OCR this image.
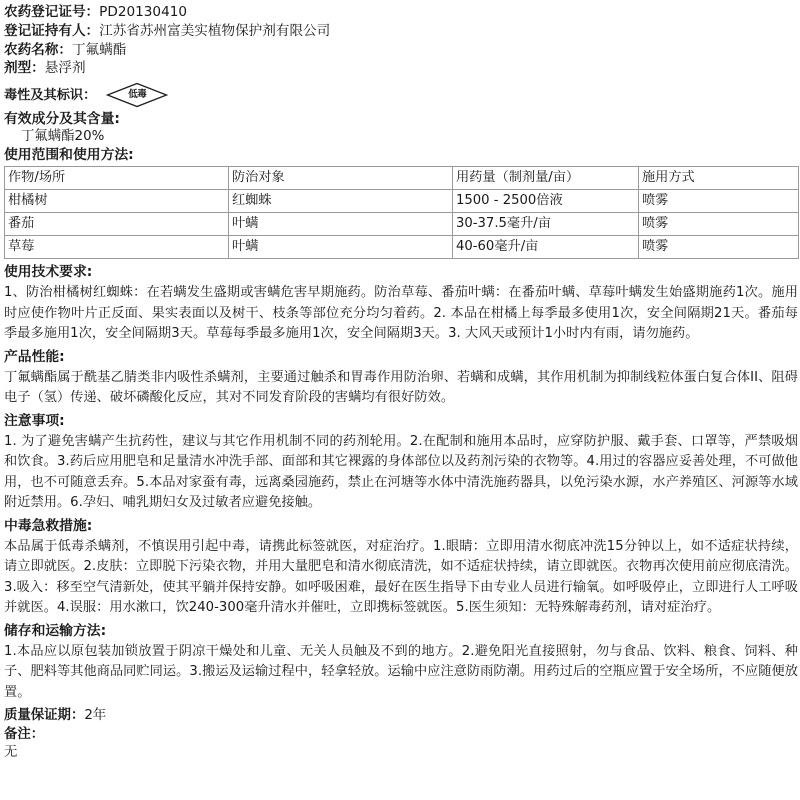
农药登记证号：PD20130410
登记证持有人：江苏省苏州富美实植物保护剂有限公司
农药名称：丁氟螨酯
剂型：悬浮剂
毒性及其标识：	低毒
有效成分及其含量:
丁氟螨酯20%
使用范围和使用方法:
作物/场所	防治对象	用药量（制剂量/亩）	施用方式
柑橘树	红蜘蛛	1500 - 2500倍液	喷雾
番茄	叶螨	30-37.5毫升/亩	喷雾
草莓	叶螨	40-60毫升/亩	喷雾
使用技术要求:
1、防治柑橘树红蜘蛛：在若螨发生盛期或害螨危害早期施药。防治草莓、番茄叶螨：在番茄叶螨、草莓叶螨发生始盛期施药1次。施用时应使作物叶片正反面、果实表面以及树干、枝条等部位充分均匀着药。2. 本品在柑橘上每季最多使用1次，安全间隔期21天。番茄每季最多施用1次，安全间隔期3天。草莓每季最多施用1次，安全间隔期3天。3. 大风天或预计1小时内有雨，请勿施药。
产品性能:
丁氟螨酯属于酰基乙腈类非内吸性杀螨剂，主要通过触杀和胃毒作用防治卵、若螨和成螨，其作用机制为抑制线粒体蛋白复合体II、阻碍电子（氢）传递、破坏磷酸化反应，其对不同发育阶段的害螨均有很好防效。
注意事项:
1. 为了避免害螨产生抗药性，建议与其它作用机制不同的药剂轮用。2.在配制和施用本品时，应穿防护服、戴手套、口罩等，严禁吸烟和饮食。3.药后应用肥皂和足量清水冲洗手部、面部和其它裸露的身体部位以及药剂污染的衣物等。4.用过的容器应妥善处理，不可做他用，也不可随意丢弃。5.本品对家蚕有毒，远离桑园施药，禁止在河塘等水体中清洗施药器具，以免污染水源，水产养殖区、河源等水域附近禁用。6.孕妇、哺乳期妇女及过敏者应避免接触。
中毒急救措施:
本品属于低毒杀螨剂，不慎误用引起中毒，请携此标签就医，对症治疗。1.眼睛：立即用清水彻底冲洗15分钟以上，如不适症状持续，请立即就医。2.皮肤：立即脱下污染衣物，并用大量肥皂和清水彻底清洗，如不适症状持续，请立即就医。衣物再次使用前应彻底清洗。3.吸入：移至空气清新处，使其平躺并保持安静。如呼吸困难，最好在医生指导下由专业人员进行输氧。如呼吸停止，立即进行人工呼吸并就医。4.误服：用水漱口，饮240-300毫升清水并催吐，立即携标签就医。5.医生须知：无特殊解毒药剂，请对症治疗。
储存和运输方法:
1.本品应以原包装加锁放置于阴凉干燥处和儿童、无关人员触及不到的地方。2.避免阳光直接照射，勿与食品、饮料、粮食、饲料、种子、肥料等其他商品同贮同运。3.搬运及运输过程中，轻拿轻放。运输中应注意防雨防潮。用药过后的空瓶应置于安全场所，不应随便放置。
质量保证期：2年
备注：
无
